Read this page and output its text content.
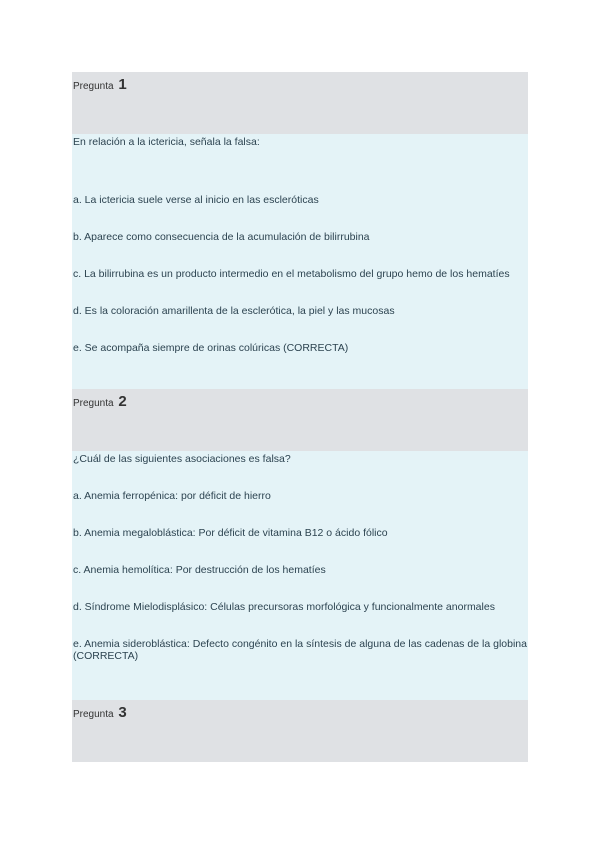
Pregunta 1

En relación a la ictericia, señala la falsa:

a. La ictericia suele verse al inicio en las escleróticas

b. Aparece como consecuencia de la acumulación de bilirrubina

c. La bilirrubina es un producto intermedio en el metabolismo del grupo hemo de los hematíes

d. Es la coloración amarillenta de la esclerótica, la piel y las mucosas

e. Se acompaña siempre de orinas colúricas (CORRECTA)

Pregunta 2

¿Cuál de las siguientes asociaciones es falsa?

a. Anemia ferropénica: por déficit de hierro

b. Anemia megaloblástica: Por déficit de vitamina B12 o ácido fólico

c. Anemia hemolítica: Por destrucción de los hematíes

d. Síndrome Mielodisplásico: Células precursoras morfológica y funcionalmente anormales

e. Anemia sideroblástica: Defecto congénito en la síntesis de alguna de las cadenas de la globina (CORRECTA)

Pregunta 3
